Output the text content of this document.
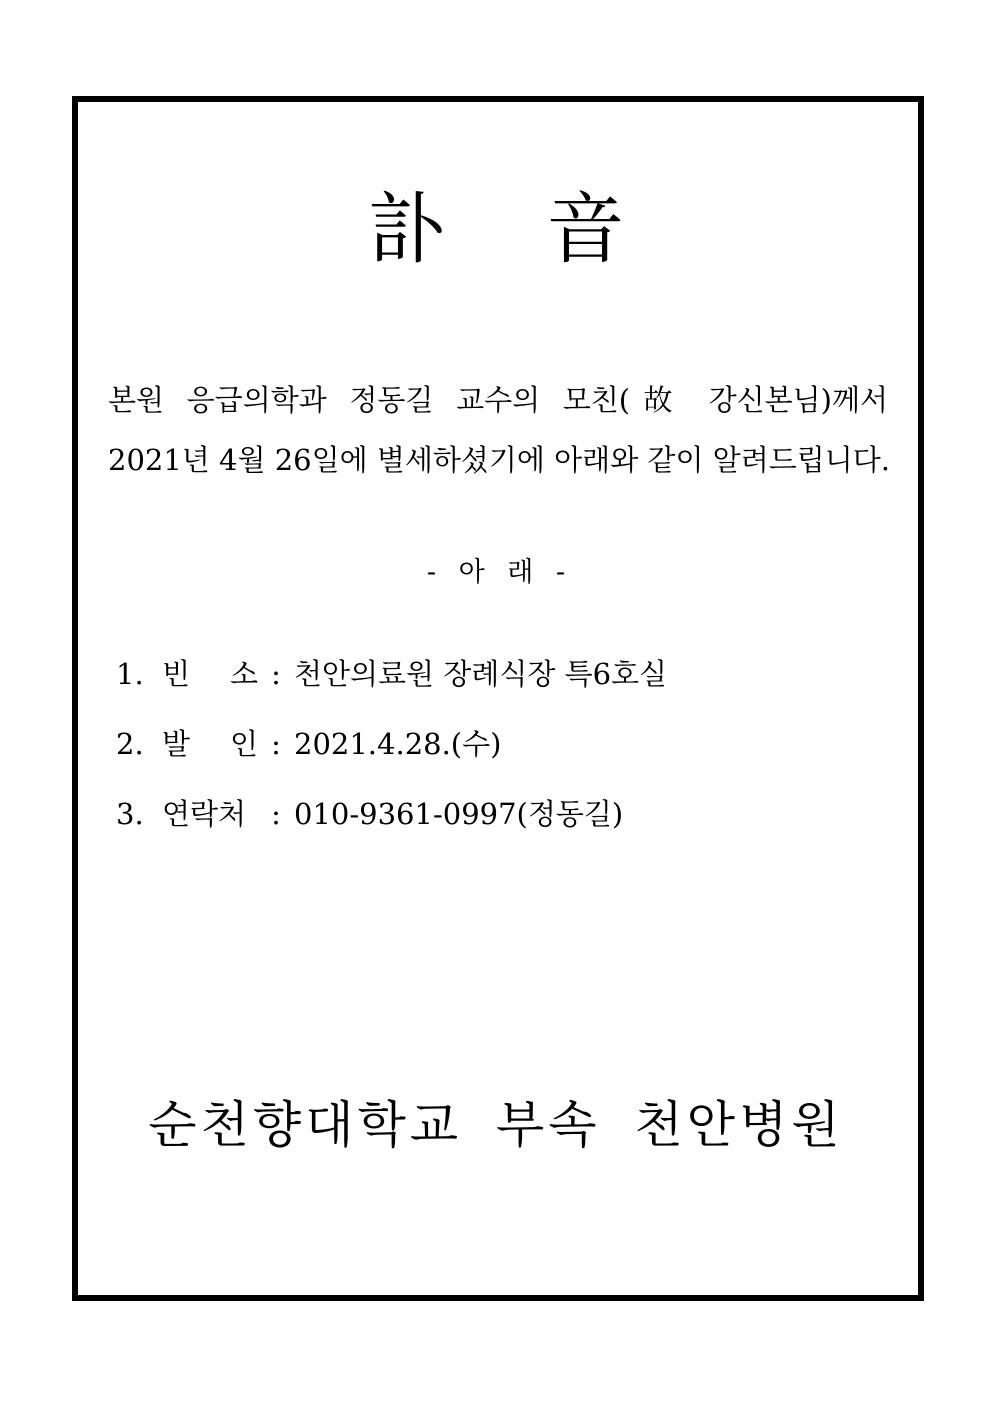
訃 音
본원 응급의학과 정동길 교수의 모친(故 강신본님)께서
2021년 4월 26일에 별세하셨기에 아래와 같이 알려드립니다.
- 아 래 -
1. 빈 소 : 천안의료원 장례식장 특6호실
2. 발 인 : 2021.4.28.(수)
3. 연락처 : 010-9361-0997(정동길)
순천향대학교 부속 천안병원
